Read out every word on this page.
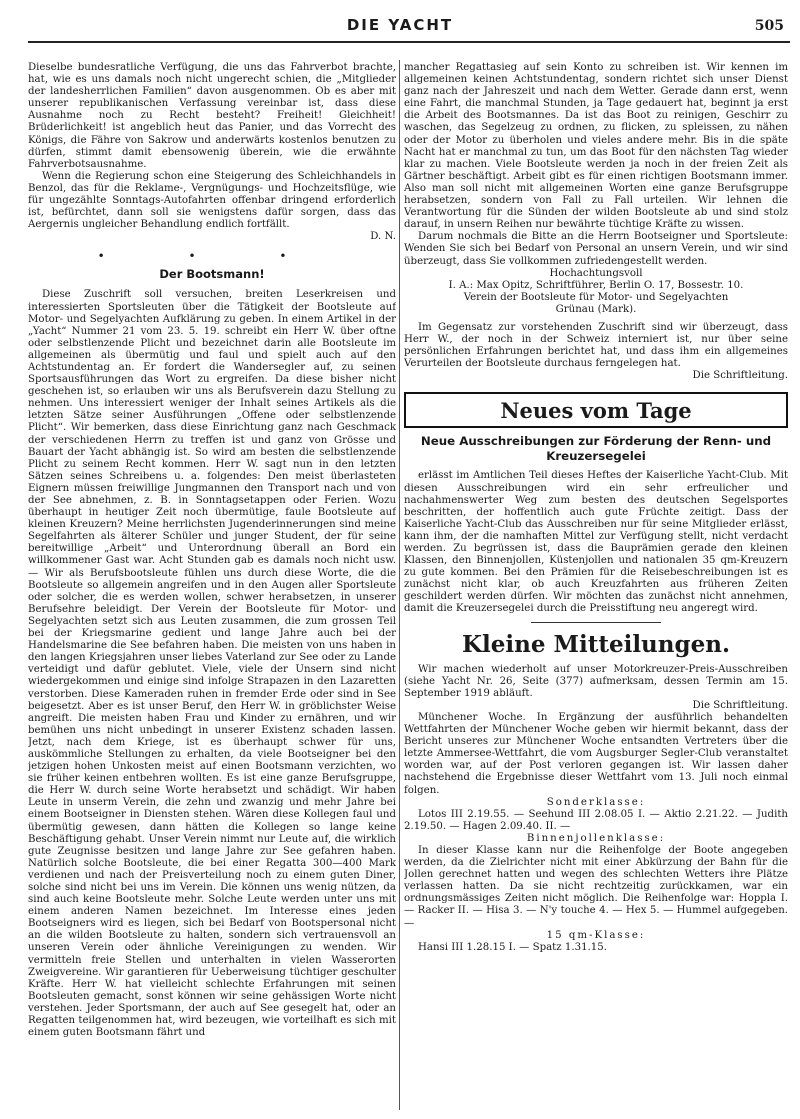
DIE YACHT	505

Dieselbe bundesratliche Verfügung, die uns das Fahrverbot brachte, hat, wie es uns damals noch nicht ungerecht schien, die „Mitglieder der landesherrlichen Familien“ davon ausgenommen. Ob es aber mit unserer republikanischen Verfassung vereinbar ist, dass diese Ausnahme noch zu Recht besteht? Freiheit! Gleichheit! Brüderlichkeit! ist angeblich heut das Panier, und das Vorrecht des Königs, die Fähre von Sakrow und anderwärts kostenlos benutzen zu dürfen, stimmt damit ebensowenig überein, wie die erwähnte Fahrverbotsausnahme.

Wenn die Regierung schon eine Steigerung des Schleichhandels in Benzol, das für die Reklame-, Vergnügungs- und Hochzeitsflüge, wie für ungezählte Sonntags-Autofahrten offenbar dringend erforderlich ist, befürchtet, dann soll sie wenigstens dafür sorgen, dass das Aergernis ungleicher Behandlung endlich fortfällt.

D. N.

• • •
Der Bootsmann!

Diese Zuschrift soll versuchen, breiten Leserkreisen und interessierten Sportsleuten über die Tätigkeit der Bootsleute auf Motor- und Segelyachten Aufklärung zu geben. In einem Artikel in der „Yacht“ Nummer 21 vom 23. 5. 19. schreibt ein Herr W. über oftne oder selbstlenzende Plicht und bezeichnet darin alle Bootsleute im allgemeinen als übermütig und faul und spielt auch auf den Achtstundentag an. Er fordert die Wandersegler auf, zu seinen Sportsausführungen das Wort zu ergreifen. Da diese bisher nicht geschehen ist, so erlauben wir uns als Berufsverein dazu Stellung zu nehmen. Uns interessiert weniger der Inhalt seines Artikels als die letzten Sätze seiner Ausführungen „Offene oder selbstlenzende Plicht“. Wir bemerken, dass diese Einrichtung ganz nach Geschmack der verschiedenen Herrn zu treffen ist und ganz von Grösse und Bauart der Yacht abhängig ist. So wird am besten die selbstlenzende Plicht zu seinem Recht kommen. Herr W. sagt nun in den letzten Sätzen seines Schreibens u. a. folgendes: Den meist überlasteten Eignern müssen freiwillige Jungmannen den Transport nach und von der See abnehmen, z. B. in Sonntagsetappen oder Ferien. Wozu überhaupt in heutiger Zeit noch übermütige, faule Bootsleute auf kleinen Kreuzern? Meine herrlichsten Jugenderinnerungen sind meine Segelfahrten als älterer Schüler und junger Student, der für seine bereitwillige „Arbeit“ und Unterordnung überall an Bord ein willkommener Gast war. Acht Stunden gab es damals noch nicht usw. — Wir als Berufsbootsleute fühlen uns durch diese Worte, die die Bootsleute so allgemein angreifen und in den Augen aller Sportsleute oder solcher, die es werden wollen, schwer herabsetzen, in unserer Berufsehre beleidigt. Der Verein der Bootsleute für Motor- und Segelyachten setzt sich aus Leuten zusammen, die zum grossen Teil bei der Kriegsmarine gedient und lange Jahre auch bei der Handelsmarine die See befahren haben. Die meisten von uns haben in den langen Kriegsjahren unser liebes Vaterland zur See oder zu Lande verteidigt und dafür geblutet. Viele, viele der Unsern sind nicht wiedergekommen und einige sind infolge Strapazen in den Lazaretten verstorben. Diese Kameraden ruhen in fremder Erde oder sind in See beigesetzt. Aber es ist unser Beruf, den Herr W. in gröblichster Weise angreift. Die meisten haben Frau und Kinder zu ernähren, und wir bemühen uns nicht unbedingt in unserer Existenz schaden lassen. Jetzt, nach dem Kriege, ist es überhaupt schwer für uns, auskömmliche Stellungen zu erhalten, da viele Bootseigner bei den jetzigen hohen Unkosten meist auf einen Bootsmann verzichten, wo sie früher keinen entbehren wollten. Es ist eine ganze Berufsgruppe, die Herr W. durch seine Worte herabsetzt und schädigt. Wir haben Leute in unserm Verein, die zehn und zwanzig und mehr Jahre bei einem Bootseigner in Diensten stehen. Wären diese Kollegen faul und übermütig gewesen, dann hätten die Kollegen so lange keine Beschäftigung gehabt. Unser Verein nimmt nur Leute auf, die wirklich gute Zeugnisse besitzen und lange Jahre zur See gefahren haben. Natürlich solche Bootsleute, die bei einer Regatta 300—400 Mark verdienen und nach der Preisverteilung noch zu einem guten Diner, solche sind nicht bei uns im Verein. Die können uns wenig nützen, da sind auch keine Bootsleute mehr. Solche Leute werden unter uns mit einem anderen Namen bezeichnet. Im Interesse eines jeden Bootseigners wird es liegen, sich bei Bedarf von Bootspersonal nicht an die wilden Bootsleute zu halten, sondern sich vertrauensvoll an unseren Verein oder ähnliche Vereinigungen zu wenden. Wir vermitteln freie Stellen und unterhalten in vielen Wasserorten Zweigvereine. Wir garantieren für Ueberweisung tüchtiger geschulter Kräfte. Herr W. hat vielleicht schlechte Erfahrungen mit seinen Bootsleuten gemacht, sonst können wir seine gehässigen Worte nicht verstehen. Jeder Sportsmann, der auch auf See gesegelt hat, oder an Regatten teilgenommen hat, wird bezeugen, wie vorteilhaft es sich mit einem guten Bootsmann fährt und

mancher Regattasieg auf sein Konto zu schreiben ist. Wir kennen im allgemeinen keinen Achtstundentag, sondern richtet sich unser Dienst ganz nach der Jahreszeit und nach dem Wetter. Gerade dann erst, wenn eine Fahrt, die manchmal Stunden, ja Tage gedauert hat, beginnt ja erst die Arbeit des Bootsmannes. Da ist das Boot zu reinigen, Geschirr zu waschen, das Segelzeug zu ordnen, zu flicken, zu spleissen, zu nähen oder der Motor zu überholen und vieles andere mehr. Bis in die späte Nacht hat er manchmal zu tun, um das Boot für den nächsten Tag wieder klar zu machen. Viele Bootsleute werden ja noch in der freien Zeit als Gärtner beschäftigt. Arbeit gibt es für einen richtigen Bootsmann immer. Also man soll nicht mit allgemeinen Worten eine ganze Berufsgruppe herabsetzen, sondern von Fall zu Fall urteilen. Wir lehnen die Verantwortung für die Sünden der wilden Bootsleute ab und sind stolz darauf, in unsern Reihen nur bewährte tüchtige Kräfte zu wissen.

Darum nochmals die Bitte an die Herrn Bootseigner und Sportsleute: Wenden Sie sich bei Bedarf von Personal an unsern Verein, und wir sind überzeugt, dass Sie vollkommen zufriedengestellt werden.

Hochachtungsvoll

I. A.: Max Opitz, Schriftführer, Berlin O. 17, Bossestr. 10.

Verein der Bootsleute für Motor- und Segelyachten

Grünau (Mark).

Im Gegensatz zur vorstehenden Zuschrift sind wir überzeugt, dass Herr W., der noch in der Schweiz interniert ist, nur über seine persönlichen Erfahrungen berichtet hat, und dass ihm ein allgemeines Verurteilen der Bootsleute durchaus ferngelegen hat.

Die Schriftleitung.

Neues vom Tage
Neue Ausschreibungen zur Förderung der Renn- und Kreuzersegelei

erlässt im Amtlichen Teil dieses Heftes der Kaiserliche Yacht-Club. Mit diesen Ausschreibungen wird ein sehr erfreulicher und nachahmenswerter Weg zum besten des deutschen Segelsportes beschritten, der hoffentlich auch gute Früchte zeitigt. Dass der Kaiserliche Yacht-Club das Ausschreiben nur für seine Mitglieder erlässt, kann ihm, der die namhaften Mittel zur Verfügung stellt, nicht verdacht werden. Zu begrüssen ist, dass die Bauprämien gerade den kleinen Klassen, den Binnenjollen, Küstenjollen und nationalen 35 qm-Kreuzern zu gute kommen. Bei den Prämien für die Reisebeschreibungen ist es zunächst nicht klar, ob auch Kreuzfahrten aus früheren Zeiten geschildert werden dürfen. Wir möchten das zunächst nicht annehmen, damit die Kreuzersegelei durch die Preisstiftung neu angeregt wird.

Kleine Mitteilungen.

Wir machen wiederholt auf unser Motorkreuzer-Preis-Ausschreiben (siehe Yacht Nr. 26, Seite (377) aufmerksam, dessen Termin am 15. September 1919 abläuft.

Die Schriftleitung.

Münchener Woche. In Ergänzung der ausführlich behandelten Wettfahrten der Münchener Woche geben wir hiermit bekannt, dass der Bericht unseres zur Münchener Woche entsandten Vertreters über die letzte Ammersee-Wettfahrt, die vom Augsburger Segler-Club veranstaltet worden war, auf der Post verloren gegangen ist. Wir lassen daher nachstehend die Ergebnisse dieser Wettfahrt vom 13. Juli noch einmal folgen.

Sonderklasse:

Lotos III 2.19.55. — Seehund III 2.08.05 I. — Aktio 2.21.22. — Judith 2.19.50. — Hagen 2.09.40. II. —

Binnenjollenklasse:

In dieser Klasse kann nur die Reihenfolge der Boote angegeben werden, da die Zielrichter nicht mit einer Abkürzung der Bahn für die Jollen gerechnet hatten und wegen des schlechten Wetters ihre Plätze verlassen hatten. Da sie nicht rechtzeitig zurückkamen, war ein ordnungsmässiges Zeiten nicht möglich. Die Reihenfolge war: Hoppla I. — Racker II. — Hisa 3. — N'y touche 4. — Hex 5. — Hummel aufgegeben. —

15 qm-Klasse:

Hansi III 1.28.15 I. — Spatz 1.31.15.
